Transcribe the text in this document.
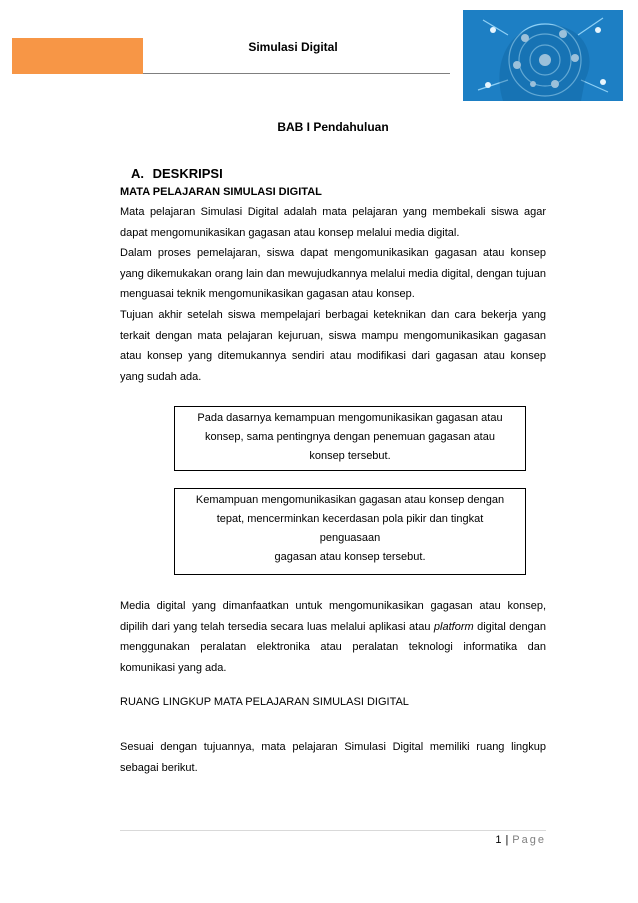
Simulasi Digital
BAB I Pendahuluan
A. DESKRIPSI
MATA PELAJARAN SIMULASI DIGITAL

Mata pelajaran Simulasi Digital adalah mata pelajaran yang membekali siswa agar dapat mengomunikasikan gagasan atau konsep melalui media digital.

Dalam proses pemelajaran, siswa dapat mengomunikasikan gagasan atau konsep yang dikemukakan orang lain dan mewujudkannya melalui media digital, dengan tujuan menguasai teknik mengomunikasikan gagasan atau konsep.

Tujuan akhir setelah siswa mempelajari berbagai keteknikan dan cara bekerja yang terkait dengan mata pelajaran kejuruan, siswa mampu mengomunikasikan gagasan atau konsep yang ditemukannya sendiri atau modifikasi dari gagasan atau konsep yang sudah ada.

Pada dasarnya kemampuan mengomunikasikan gagasan atau
konsep, sama pentingnya dengan penemuan gagasan atau
konsep tersebut.
Kemampuan mengomunikasikan gagasan atau konsep dengan
tepat, mencerminkan kecerdasan pola pikir dan tingkat
penguasaan
gagasan atau konsep tersebut.

Media digital yang dimanfaatkan untuk mengomunikasikan gagasan atau konsep, dipilih dari yang telah tersedia secara luas melalui aplikasi atau platform digital dengan menggunakan peralatan elektronika atau peralatan teknologi informatika dan komunikasi yang ada.

RUANG LINGKUP MATA PELAJARAN SIMULASI DIGITAL

Sesuai dengan tujuannya, mata pelajaran Simulasi Digital memiliki ruang lingkup sebagai berikut.

1 | Page
